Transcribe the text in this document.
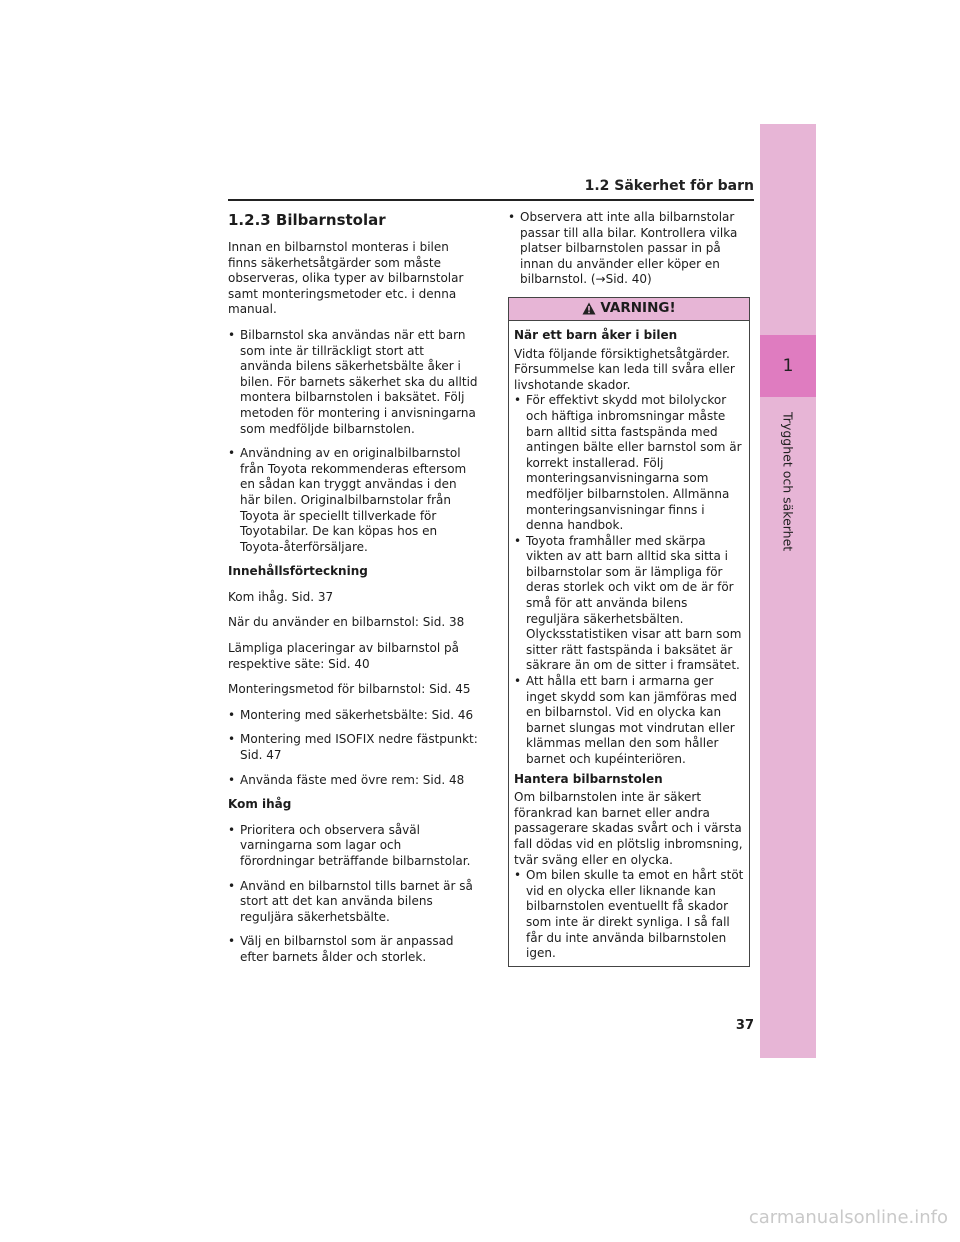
1.2 Säkerhet för barn
1
Trygghet och säkerhet
1.2.3 Bilbarnstolar

Innan en bilbarnstol monteras i bilen finns säkerhetsåtgärder som måste observeras, olika typer av bilbarnstolar samt monteringsmetoder etc. i denna manual.

• Bilbarnstol ska användas när ett barn som inte är tillräckligt stort att använda bilens säkerhetsbälte åker i bilen. För barnets säkerhet ska du alltid montera bilbarnstolen i baksätet. Följ metoden för montering i anvisningarna som medföljde bilbarnstolen.
• Användning av en originalbilbarnstol från Toyota rekommenderas eftersom en sådan kan tryggt användas i den här bilen. Originalbilbarnstolar från Toyota är speciellt tillverkade för Toyotabilar. De kan köpas hos en Toyota-återförsäljare.

Innehållsförteckning

Kom ihåg. Sid. 37

När du använder en bilbarnstol: Sid. 38

Lämpliga placeringar av bilbarnstol på respektive säte: Sid. 40

Monteringsmetod för bilbarnstol: Sid. 45

• Montering med säkerhetsbälte: Sid. 46
• Montering med ISOFIX nedre fästpunkt: Sid. 47
• Använda fäste med övre rem: Sid. 48

Kom ihåg

• Prioritera och observera såväl varningarna som lagar och förordningar beträffande bilbarnstolar.
• Använd en bilbarnstol tills barnet är så stort att det kan använda bilens reguljära säkerhetsbälte.
• Välj en bilbarnstol som är anpassad efter barnets ålder och storlek.
• Observera att inte alla bilbarnstolar passar till alla bilar. Kontrollera vilka platser bilbarnstolen passar in på innan du använder eller köper en bilbarnstol. (→Sid. 40)
VARNING!

När ett barn åker i bilen

Vidta följande försiktighetsåtgärder. Försummelse kan leda till svåra eller livshotande skador.

• För effektivt skydd mot bilolyckor och häftiga inbromsningar måste barn alltid sitta fastspända med antingen bälte eller barnstol som är korrekt installerad. Följ monteringsanvisningarna som medföljer bilbarnstolen. Allmänna monteringsanvisningar finns i denna handbok.
• Toyota framhåller med skärpa vikten av att barn alltid ska sitta i bilbarnstolar som är lämpliga för deras storlek och vikt om de är för små för att använda bilens reguljära säkerhetsbälten. Olycksstatistiken visar att barn som sitter rätt fastspända i baksätet är säkrare än om de sitter i framsätet.
• Att hålla ett barn i armarna ger inget skydd som kan jämföras med en bilbarnstol. Vid en olycka kan barnet slungas mot vindrutan eller klämmas mellan den som håller barnet och kupéinteriören.

Hantera bilbarnstolen

Om bilbarnstolen inte är säkert förankrad kan barnet eller andra passagerare skadas svårt och i värsta fall dödas vid en plötslig inbromsning, tvär sväng eller en olycka.

• Om bilen skulle ta emot en hårt stöt vid en olycka eller liknande kan bilbarnstolen eventuellt få skador som inte är direkt synliga. I så fall får du inte använda bilbarnstolen igen.
37
carmanualsonline.info
